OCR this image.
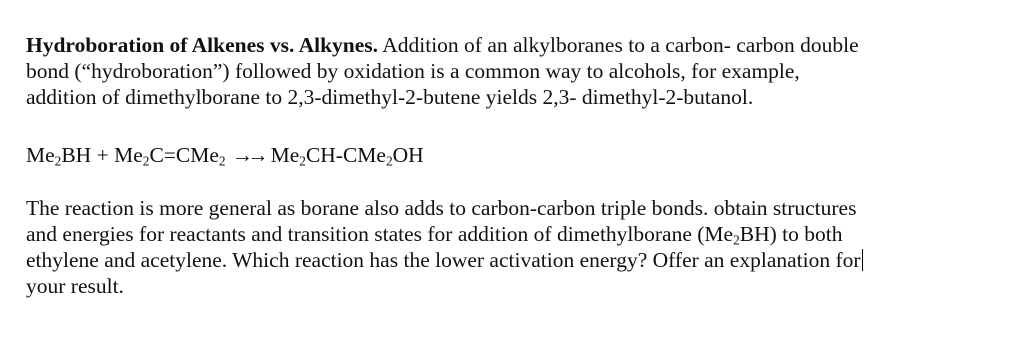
Hydroboration of Alkenes vs. Alkynes. Addition of an alkylboranes to a carbon- carbon double
bond (“hydroboration”) followed by oxidation is a common way to alcohols, for example,
addition of dimethylborane to 2,3-dimethyl-2-butene yields 2,3- dimethyl-2-butanol.

$Me_2BH + Me_2C=CMe_2 \to\to Me_2CH-CMe_2OH$

The reaction is more general as borane also adds to carbon-carbon triple bonds. obtain structures
and energies for reactants and transition states for addition of dimethylborane $(Me_2BH)$ to both
ethylene and acetylene. Which reaction has the lower activation energy? Offer an explanation for
your result.
